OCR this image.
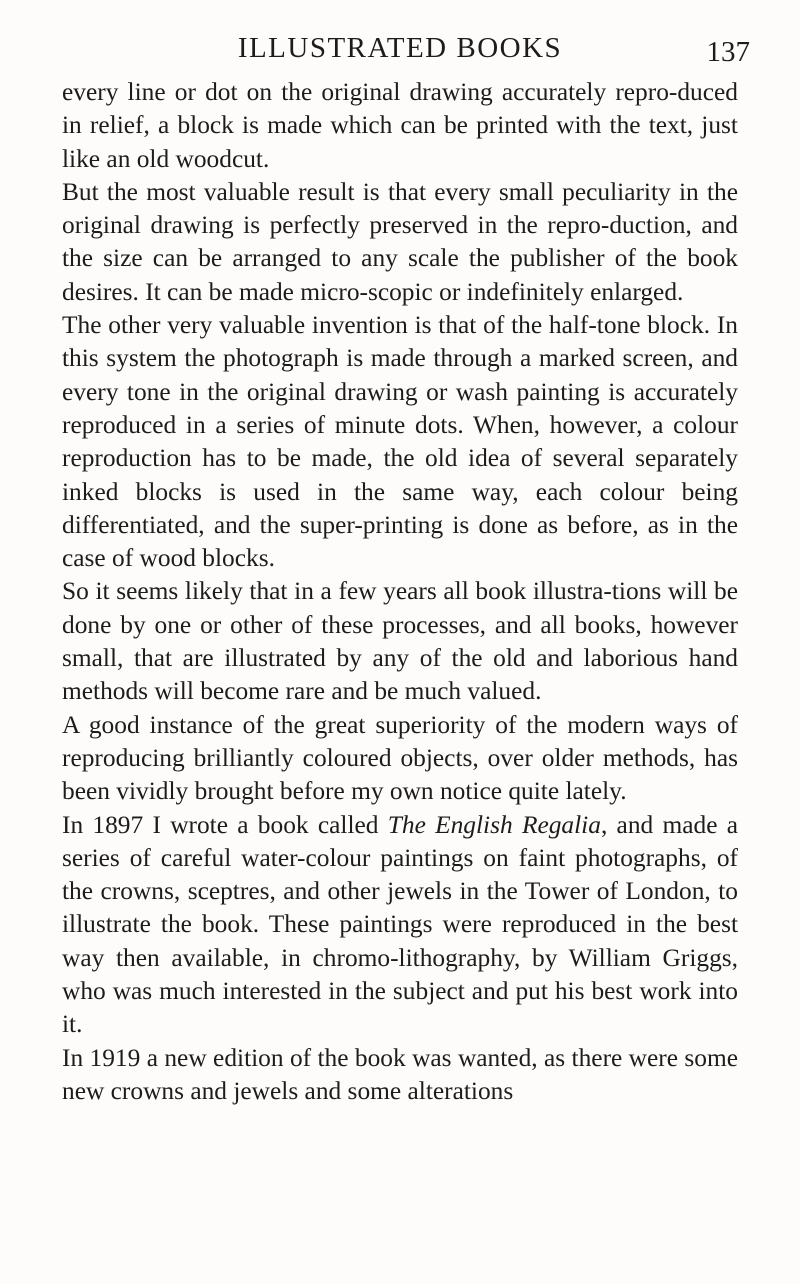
ILLUSTRATED BOOKS	137

every line or dot on the original drawing accurately repro-duced in relief, a block is made which can be printed with the text, just like an old woodcut.

But the most valuable result is that every small peculiarity in the original drawing is perfectly preserved in the repro-duction, and the size can be arranged to any scale the publisher of the book desires. It can be made micro-scopic or indefinitely enlarged.

The other very valuable invention is that of the half-tone block. In this system the photograph is made through a marked screen, and every tone in the original drawing or wash painting is accurately reproduced in a series of minute dots. When, however, a colour reproduction has to be made, the old idea of several separately inked blocks is used in the same way, each colour being differentiated, and the super-printing is done as before, as in the case of wood blocks.

So it seems likely that in a few years all book illustra-tions will be done by one or other of these processes, and all books, however small, that are illustrated by any of the old and laborious hand methods will become rare and be much valued.

A good instance of the great superiority of the modern ways of reproducing brilliantly coloured objects, over older methods, has been vividly brought before my own notice quite lately.

In 1897 I wrote a book called The English Regalia, and made a series of careful water-colour paintings on faint photographs, of the crowns, sceptres, and other jewels in the Tower of London, to illustrate the book. These paintings were reproduced in the best way then available, in chromo-lithography, by William Griggs, who was much interested in the subject and put his best work into it.

In 1919 a new edition of the book was wanted, as there were some new crowns and jewels and some alterations
